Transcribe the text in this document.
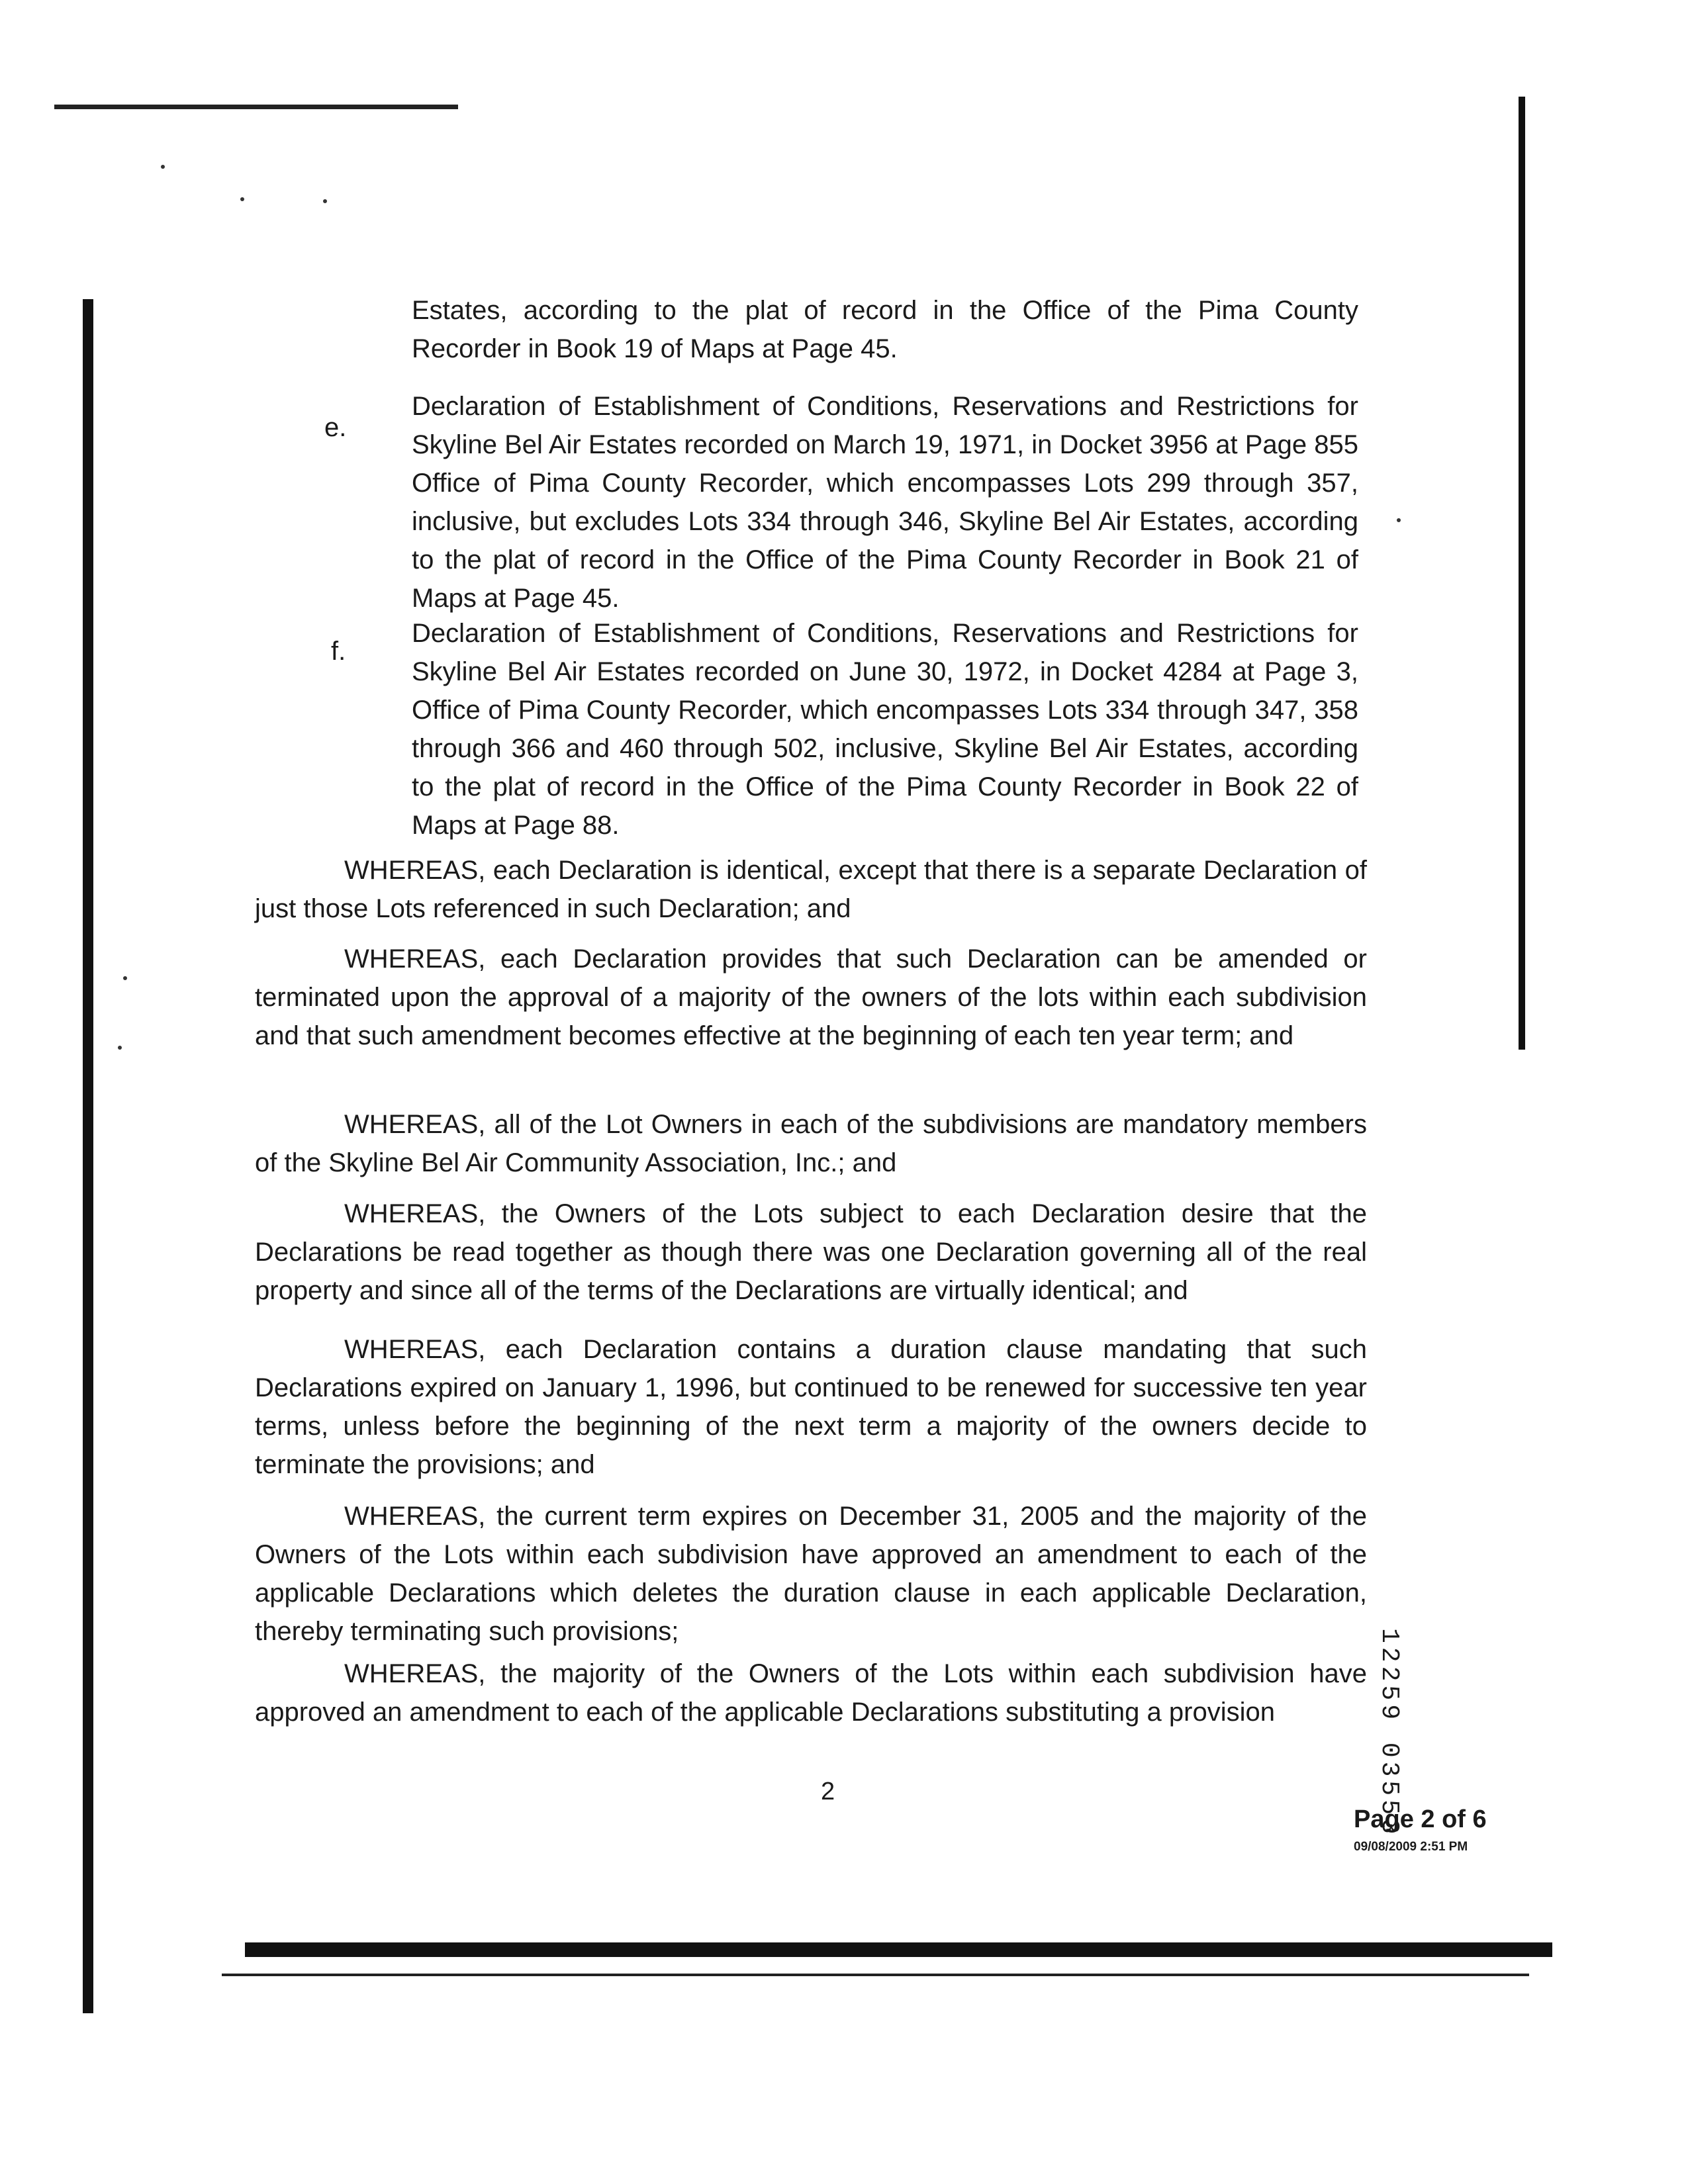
Estates, according to the plat of record in the Office of the Pima County Recorder in Book 19 of Maps at Page 45.
e.
Declaration of Establishment of Conditions, Reservations and Restrictions for Skyline Bel Air Estates recorded on March 19, 1971, in Docket 3956 at Page 855 Office of Pima County Recorder, which encompasses Lots 299 through 357, inclusive, but excludes Lots 334 through 346, Skyline Bel Air Estates, according to the plat of record in the Office of the Pima County Recorder in Book 21 of Maps at Page 45.
f.
Declaration of Establishment of Conditions, Reservations and Restrictions for Skyline Bel Air Estates recorded on June 30, 1972, in Docket 4284 at Page 3, Office of Pima County Recorder, which encompasses Lots 334 through 347, 358 through 366 and 460 through 502, inclusive, Skyline Bel Air Estates, according to the plat of record in the Office of the Pima County Recorder in Book 22 of Maps at Page 88.
WHEREAS, each Declaration is identical, except that there is a separate Declaration of just those Lots referenced in such Declaration; and
WHEREAS, each Declaration provides that such Declaration can be amended or terminated upon the approval of a majority of the owners of the lots within each subdivision and that such amendment becomes effective at the beginning of each ten year term; and
WHEREAS, all of the Lot Owners in each of the subdivisions are mandatory members of the Skyline Bel Air Community Association, Inc.; and
WHEREAS, the Owners of the Lots subject to each Declaration desire that the Declarations be read together as though there was one Declaration governing all of the real property and since all of the terms of the Declarations are virtually identical; and
WHEREAS, each Declaration contains a duration clause mandating that such Declarations expired on January 1, 1996, but continued to be renewed for successive ten year terms, unless before the beginning of the next term a majority of the owners decide to terminate the provisions; and
WHEREAS, the current term expires on December 31, 2005 and the majority of the Owners of the Lots within each subdivision have approved an amendment to each of the applicable Declarations which deletes the duration clause in each applicable Declaration, thereby terminating such provisions;
WHEREAS, the majority of the Owners of the Lots within each subdivision have approved an amendment to each of the applicable Declarations substituting a provision
2
Page 2 of 6
09/08/2009 2:51 PM
12259 03553
